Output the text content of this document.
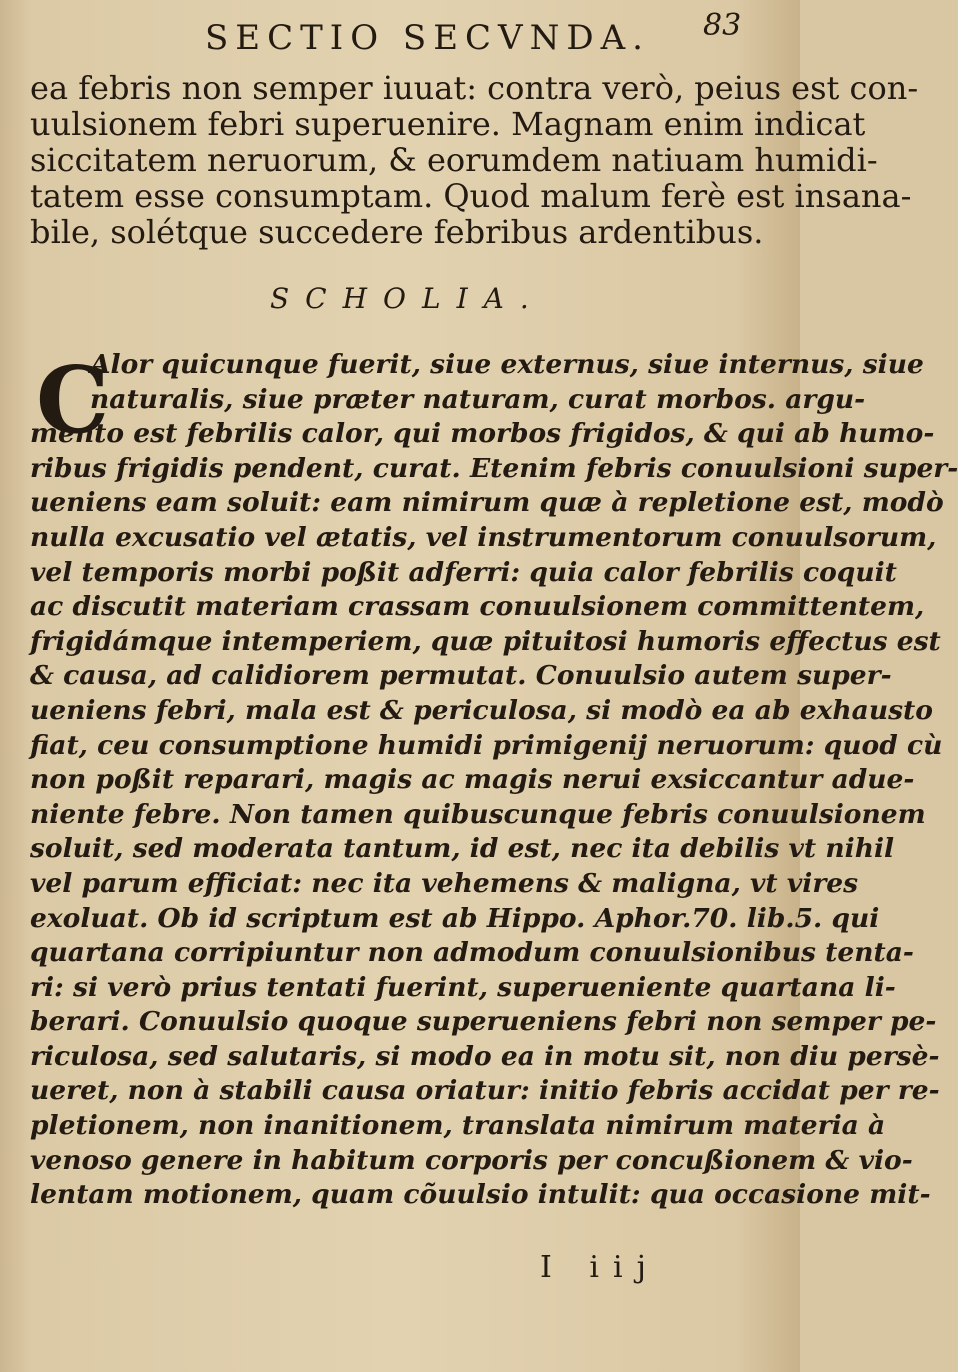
SECTIO SECVNDA. 83
ea febris non semper iuuat: contra verò, peius est con-
uulsionem febri superuenire. Magnam enim indicat
siccitatem neruorum, & eorumdem natiuam humidi-
tatem esse consumptam. Quod malum ferè est insana-
bile, solétque succedere febribus ardentibus.
SCHOLIA.
C
Alor quicunque fuerit, siue externus, siue internus, siue
naturalis, siue præter naturam, curat morbos. argu-
mento est febrilis calor, qui morbos frigidos, & qui ab humo-
ribus frigidis pendent, curat. Etenim febris conuulsioni super-
ueniens eam soluit: eam nimirum quæ à repletione est, modò
nulla excusatio vel ætatis, vel instrumentorum conuulsorum,
vel temporis morbi poßit adferri: quia calor febrilis coquit
ac discutit materiam crassam conuulsionem committentem,
frigidámque intemperiem, quæ pituitosi humoris effectus est
& causa, ad calidiorem permutat. Conuulsio autem super-
ueniens febri, mala est & periculosa, si modò ea ab exhausto
fiat, ceu consumptione humidi primigenij neruorum: quod cù
non poßit reparari, magis ac magis nerui exsiccantur adue-
niente febre. Non tamen quibuscunque febris conuulsionem
soluit, sed moderata tantum, id est, nec ita debilis vt nihil
vel parum efficiat: nec ita vehemens & maligna, vt vires
exoluat. Ob id scriptum est ab Hippo. Aphor.70. lib.5. qui
quartana corripiuntur non admodum conuulsionibus tenta-
ri: si verò prius tentati fuerint, superueniente quartana li-
berari. Conuulsio quoque superueniens febri non semper pe-
riculosa, sed salutaris, si modo ea in motu sit, non diu persè-
ueret, non à stabili causa oriatur: initio febris accidat per re-
pletionem, non inanitionem, translata nimirum materia à
venoso genere in habitum corporis per concußionem & vio-
lentam motionem, quam cõuulsio intulit: qua occasione mit-
I iij
